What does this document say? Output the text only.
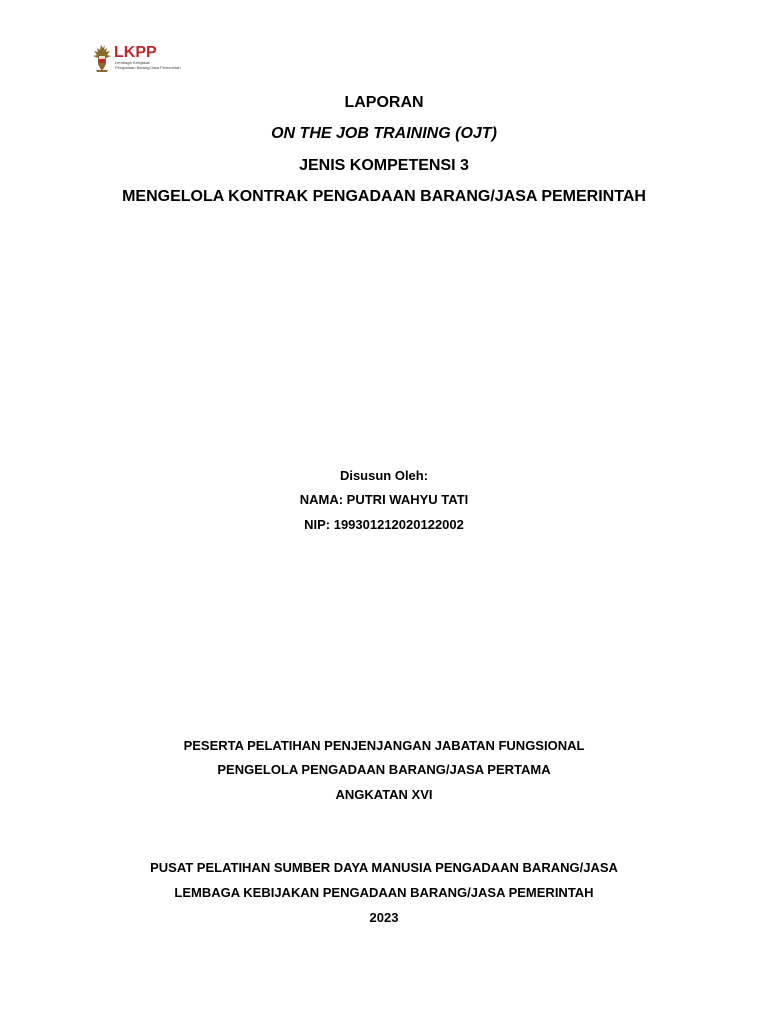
LKPP
Lembaga Kebijakan
Pengadaan Barang/Jasa Pemerintah
LAPORAN
ON THE JOB TRAINING (OJT)
JENIS KOMPETENSI 3
MENGELOLA KONTRAK PENGADAAN BARANG/JASA PEMERINTAH
Disusun Oleh:
NAMA: PUTRI WAHYU TATI
NIP: 199301212020122002
PESERTA PELATIHAN PENJENJANGAN JABATAN FUNGSIONAL
PENGELOLA PENGADAAN BARANG/JASA PERTAMA
ANGKATAN XVI
PUSAT PELATIHAN SUMBER DAYA MANUSIA PENGADAAN BARANG/JASA
LEMBAGA KEBIJAKAN PENGADAAN BARANG/JASA PEMERINTAH
2023
